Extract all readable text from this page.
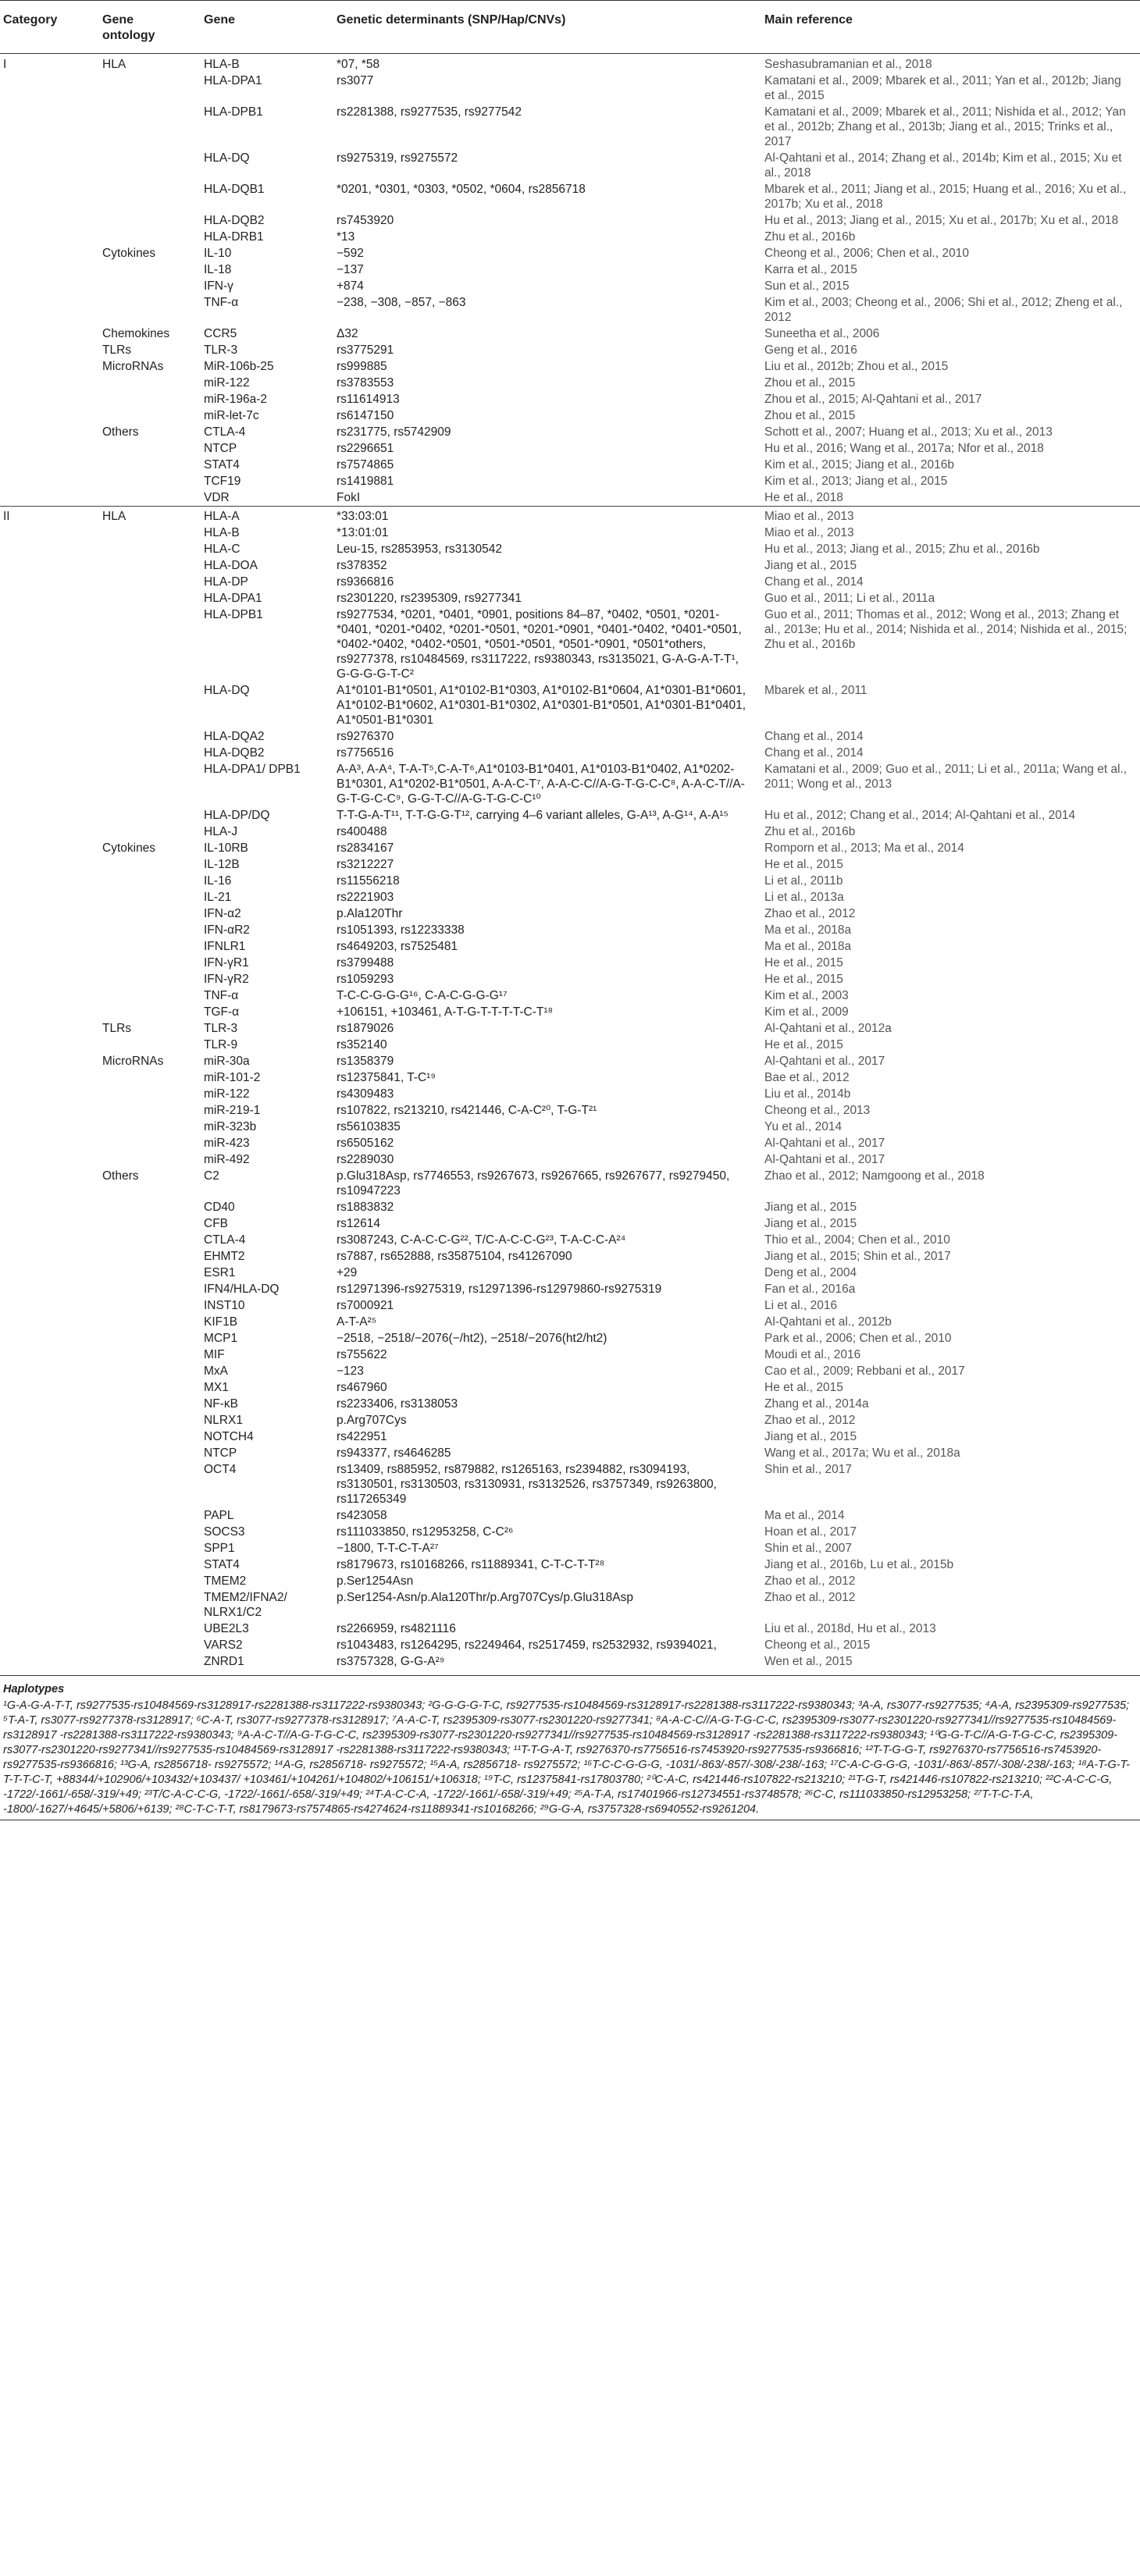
Category	Gene ontology	Gene	Genetic determinants (SNP/Hap/CNVs)	Main reference
I	HLA	HLA-B	*07, *58	Seshasubramanian et al., 2018
		HLA-DPA1	rs3077	Kamatani et al., 2009; Mbarek et al., 2011; Yan et al., 2012b; Jiang et al., 2015
		HLA-DPB1	rs2281388, rs9277535, rs9277542	Kamatani et al., 2009; Mbarek et al., 2011; Nishida et al., 2012; Yan et al., 2012b; Zhang et al., 2013b; Jiang et al., 2015; Trinks et al., 2017
		HLA-DQ	rs9275319, rs9275572	Al-Qahtani et al., 2014; Zhang et al., 2014b; Kim et al., 2015; Xu et al., 2018
		HLA-DQB1	*0201, *0301, *0303, *0502, *0604, rs2856718	Mbarek et al., 2011; Jiang et al., 2015; Huang et al., 2016; Xu et al., 2017b; Xu et al., 2018
		HLA-DQB2	rs7453920	Hu et al., 2013; Jiang et al., 2015; Xu et al., 2017b; Xu et al., 2018
		HLA-DRB1	*13	Zhu et al., 2016b
	Cytokines	IL-10	−592	Cheong et al., 2006; Chen et al., 2010
		IL-18	−137	Karra et al., 2015
		IFN-γ	+874	Sun et al., 2015
		TNF-α	−238, −308, −857, −863	Kim et al., 2003; Cheong et al., 2006; Shi et al., 2012; Zheng et al., 2012
	Chemokines	CCR5	Δ32	Suneetha et al., 2006
	TLRs	TLR-3	rs3775291	Geng et al., 2016
	MicroRNAs	MiR-106b-25	rs999885	Liu et al., 2012b; Zhou et al., 2015
		miR-122	rs3783553	Zhou et al., 2015
		miR-196a-2	rs11614913	Zhou et al., 2015; Al-Qahtani et al., 2017
		miR-let-7c	rs6147150	Zhou et al., 2015
	Others	CTLA-4	rs231775, rs5742909	Schott et al., 2007; Huang et al., 2013; Xu et al., 2013
		NTCP	rs2296651	Hu et al., 2016; Wang et al., 2017a; Nfor et al., 2018
		STAT4	rs7574865	Kim et al., 2015; Jiang et al., 2016b
		TCF19	rs1419881	Kim et al., 2013; Jiang et al., 2015
		VDR	FokI	He et al., 2018
II	HLA	HLA-A	*33:03:01	Miao et al., 2013
		HLA-B	*13:01:01	Miao et al., 2013
		HLA-C	Leu-15, rs2853953, rs3130542	Hu et al., 2013; Jiang et al., 2015; Zhu et al., 2016b
		HLA-DOA	rs378352	Jiang et al., 2015
		HLA-DP	rs9366816	Chang et al., 2014
		HLA-DPA1	rs2301220, rs2395309, rs9277341	Guo et al., 2011; Li et al., 2011a
		HLA-DPB1	rs9277534, *0201, *0401, *0901, positions 84–87, *0402, *0501, *0201-*0401, *0201-*0402, *0201-*0501, *0201-*0901, *0401-*0402, *0401-*0501, *0402-*0402, *0402-*0501, *0501-*0501, *0501-*0901, *0501*others, rs9277378, rs10484569, rs3117222, rs9380343, rs3135021, G-A-G-A-T-T¹, G-G-G-G-T-C²	Guo et al., 2011; Thomas et al., 2012; Wong et al., 2013; Zhang et al., 2013e; Hu et al., 2014; Nishida et al., 2014; Nishida et al., 2015; Zhu et al., 2016b
		HLA-DQ	A1*0101-B1*0501, A1*0102-B1*0303, A1*0102-B1*0604, A1*0301-B1*0601, A1*0102-B1*0602, A1*0301-B1*0302, A1*0301-B1*0501, A1*0301-B1*0401, A1*0501-B1*0301	Mbarek et al., 2011
		HLA-DQA2	rs9276370	Chang et al., 2014
		HLA-DQB2	rs7756516	Chang et al., 2014
		HLA-DPA1/ DPB1	A-A³, A-A⁴, T-A-T⁵,C-A-T⁶,A1*0103-B1*0401, A1*0103-B1*0402, A1*0202-B1*0301, A1*0202-B1*0501, A-A-C-T⁷, A-A-C-C//A-G-T-G-C-C⁸, A-A-C-T//A-G-T-G-C-C⁹, G-G-T-C//A-G-T-G-C-C¹⁰	Kamatani et al., 2009; Guo et al., 2011; Li et al., 2011a; Wang et al., 2011; Wong et al., 2013
		HLA-DP/DQ	T-T-G-A-T¹¹, T-T-G-G-T¹², carrying 4–6 variant alleles, G-A¹³, A-G¹⁴, A-A¹⁵	Hu et al., 2012; Chang et al., 2014; Al-Qahtani et al., 2014
		HLA-J	rs400488	Zhu et al., 2016b
	Cytokines	IL-10RB	rs2834167	Romporn et al., 2013; Ma et al., 2014
		IL-12B	rs3212227	He et al., 2015
		IL-16	rs11556218	Li et al., 2011b
		IL-21	rs2221903	Li et al., 2013a
		IFN-α2	p.Ala120Thr	Zhao et al., 2012
		IFN-αR2	rs1051393, rs12233338	Ma et al., 2018a
		IFNLR1	rs4649203, rs7525481	Ma et al., 2018a
		IFN-γR1	rs3799488	He et al., 2015
		IFN-γR2	rs1059293	He et al., 2015
		TNF-α	T-C-C-G-G-G¹⁶, C-A-C-G-G-G¹⁷	Kim et al., 2003
		TGF-α	+106151, +103461, A-T-G-T-T-T-T-C-T¹⁸	Kim et al., 2009
	TLRs	TLR-3	rs1879026	Al-Qahtani et al., 2012a
		TLR-9	rs352140	He et al., 2015
	MicroRNAs	miR-30a	rs1358379	Al-Qahtani et al., 2017
		miR-101-2	rs12375841, T-C¹⁹	Bae et al., 2012
		miR-122	rs4309483	Liu et al., 2014b
		miR-219-1	rs107822, rs213210, rs421446, C-A-C²⁰, T-G-T²¹	Cheong et al., 2013
		miR-323b	rs56103835	Yu et al., 2014
		miR-423	rs6505162	Al-Qahtani et al., 2017
		miR-492	rs2289030	Al-Qahtani et al., 2017
	Others	C2	p.Glu318Asp, rs7746553, rs9267673, rs9267665, rs9267677, rs9279450, rs10947223	Zhao et al., 2012; Namgoong et al., 2018
		CD40	rs1883832	Jiang et al., 2015
		CFB	rs12614	Jiang et al., 2015
		CTLA-4	rs3087243, C-A-C-C-G²², T/C-A-C-C-G²³, T-A-C-C-A²⁴	Thio et al., 2004; Chen et al., 2010
		EHMT2	rs7887, rs652888, rs35875104, rs41267090	Jiang et al., 2015; Shin et al., 2017
		ESR1	+29	Deng et al., 2004
		IFN4/HLA-DQ	rs12971396-rs9275319, rs12971396-rs12979860-rs9275319	Fan et al., 2016a
		INST10	rs7000921	Li et al., 2016
		KIF1B	A-T-A²⁵	Al-Qahtani et al., 2012b
		MCP1	−2518, −2518/−2076(−/ht2), −2518/−2076(ht2/ht2)	Park et al., 2006; Chen et al., 2010
		MIF	rs755622	Moudi et al., 2016
		MxA	−123	Cao et al., 2009; Rebbani et al., 2017
		MX1	rs467960	He et al., 2015
		NF-κB	rs2233406, rs3138053	Zhang et al., 2014a
		NLRX1	p.Arg707Cys	Zhao et al., 2012
		NOTCH4	rs422951	Jiang et al., 2015
		NTCP	rs943377, rs4646285	Wang et al., 2017a; Wu et al., 2018a
		OCT4	rs13409, rs885952, rs879882, rs1265163, rs2394882, rs3094193, rs3130501, rs3130503, rs3130931, rs3132526, rs3757349, rs9263800, rs117265349	Shin et al., 2017
		PAPL	rs423058	Ma et al., 2014
		SOCS3	rs111033850, rs12953258, C-C²⁶	Hoan et al., 2017
		SPP1	−1800, T-T-C-T-A²⁷	Shin et al., 2007
		STAT4	rs8179673, rs10168266, rs11889341, C-T-C-T-T²⁸	Jiang et al., 2016b, Lu et al., 2015b
		TMEM2	p.Ser1254Asn	Zhao et al., 2012
		TMEM2/IFNA2/ NLRX1/C2	p.Ser1254-Asn/p.Ala120Thr/p.Arg707Cys/p.Glu318Asp	Zhao et al., 2012
		UBE2L3	rs2266959, rs4821116	Liu et al., 2018d, Hu et al., 2013
		VARS2	rs1043483, rs1264295, rs2249464, rs2517459, rs2532932, rs9394021,	Cheong et al., 2015
		ZNRD1	rs3757328, G-G-A²⁹	Wen et al., 2015
Haplotypes
¹G-A-G-A-T-T, rs9277535-rs10484569-rs3128917-rs2281388-rs3117222-rs9380343; ²G-G-G-G-T-C, rs9277535-rs10484569-rs3128917-rs2281388-rs3117222-rs9380343; ³A-A, rs3077-rs9277535; ⁴A-A, rs2395309-rs9277535; ⁵T-A-T, rs3077-rs9277378-rs3128917; ⁶C-A-T, rs3077-rs9277378-rs3128917; ⁷A-A-C-T, rs2395309-rs3077-rs2301220-rs9277341; ⁸A-A-C-C//A-G-T-G-C-C, rs2395309-rs3077-rs2301220-rs9277341//rs9277535-rs10484569-rs3128917 -rs2281388-rs3117222-rs9380343; ⁹A-A-C-T//A-G-T-G-C-C, rs2395309-rs3077-rs2301220-rs9277341//rs9277535-rs10484569-rs3128917 -rs2281388-rs3117222-rs9380343; ¹⁰G-G-T-C//A-G-T-G-C-C, rs2395309-rs3077-rs2301220-rs9277341//rs9277535-rs10484569-rs3128917 -rs2281388-rs3117222-rs9380343; ¹¹T-T-G-A-T, rs9276370-rs7756516-rs7453920-rs9277535-rs9366816; ¹²T-T-G-G-T, rs9276370-rs7756516-rs7453920-rs9277535-rs9366816; ¹³G-A, rs2856718- rs9275572; ¹⁴A-G, rs2856718- rs9275572; ¹⁵A-A, rs2856718- rs9275572; ¹⁶T-C-C-G-G-G, -1031/-863/-857/-308/-238/-163; ¹⁷C-A-C-G-G-G, -1031/-863/-857/-308/-238/-163; ¹⁸A-T-G-T-T-T-T-C-T, +88344/+102906/+103432/+103437/ +103461/+104261/+104802/+106151/+106318; ¹⁹T-C, rs12375841-rs17803780; ²⁰C-A-C, rs421446-rs107822-rs213210; ²¹T-G-T, rs421446-rs107822-rs213210; ²²C-A-C-C-G, -1722/-1661/-658/-319/+49; ²³T/C-A-C-C-G, -1722/-1661/-658/-319/+49; ²⁴T-A-C-C-A, -1722/-1661/-658/-319/+49; ²⁵A-T-A, rs17401966-rs12734551-rs3748578; ²⁶C-C, rs111033850-rs12953258; ²⁷T-T-C-T-A, -1800/-1627/+4645/+5806/+6139; ²⁸C-T-C-T-T, rs8179673-rs7574865-rs4274624-rs11889341-rs10168266; ²⁹G-G-A, rs3757328-rs6940552-rs9261204.
